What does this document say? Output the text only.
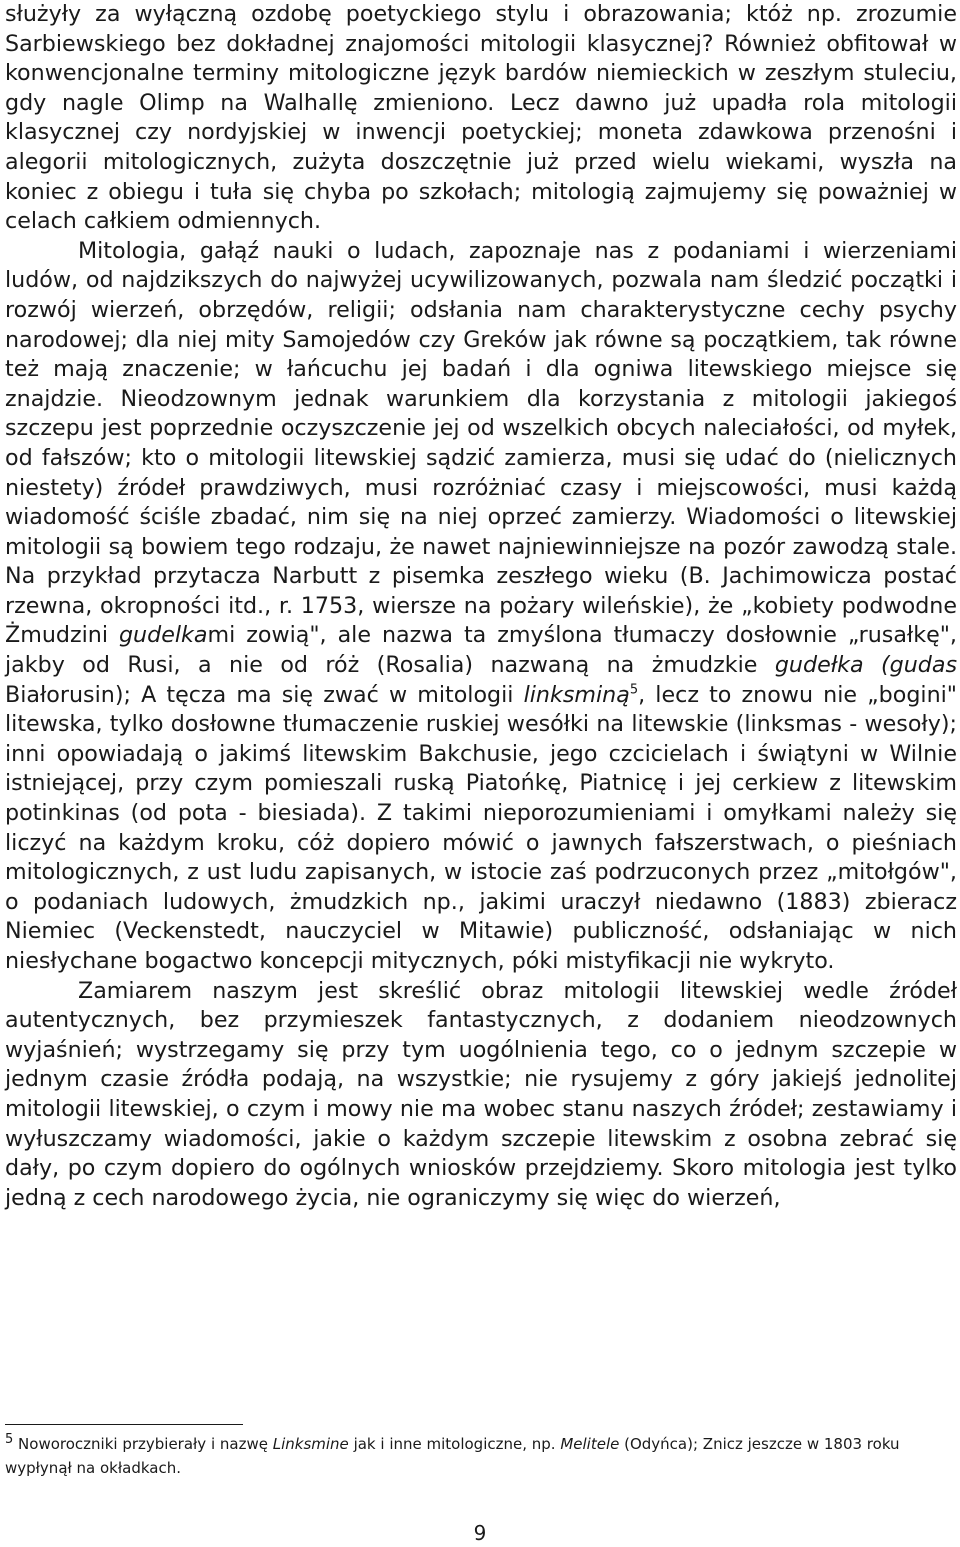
służyły za wyłączną ozdobę poetyckiego stylu i obrazowania; któż np. zrozumie Sarbiewskiego bez dokładnej znajomości mitologii klasycznej? Również obfitował w konwencjonalne terminy mitologiczne język bardów niemieckich w zeszłym stuleciu, gdy nagle Olimp na Walhallę zmieniono. Lecz dawno już upadła rola mitologii klasycznej czy nordyjskiej w inwencji poetyckiej; moneta zdawkowa przenośni i alegorii mitologicznych, zużyta doszczętnie już przed wielu wiekami, wyszła na koniec z obiegu i tuła się chyba po szkołach; mitologią zajmujemy się poważniej w celach całkiem odmiennych.

Mitologia, gałąź nauki o ludach, zapoznaje nas z podaniami i wierzeniami ludów, od najdzikszych do najwyżej ucywilizowanych, pozwala nam śledzić początki i rozwój wierzeń, obrzędów, religii; odsłania nam charakterystyczne cechy psychy narodowej; dla niej mity Samojedów czy Greków jak równe są początkiem, tak równe też mają znaczenie; w łańcuchu jej badań i dla ogniwa litewskiego miejsce się znajdzie. Nieodzownym jednak warunkiem dla korzystania z mitologii jakiegoś szczepu jest poprzednie oczyszczenie jej od wszelkich obcych naleciałości, od myłek, od fałszów; kto o mitologii litewskiej sądzić zamierza, musi się udać do (nielicznych niestety) źródeł prawdziwych, musi rozróżniać czasy i miejscowości, musi każdą wiadomość ściśle zbadać, nim się na niej oprzeć zamierzy. Wiadomości o litewskiej mitologii są bowiem tego rodzaju, że nawet najniewinniejsze na pozór zawodzą stale. Na przykład przytacza Narbutt z pisemka zeszłego wieku (B. Jachimowicza postać rzewna, okropności itd., r. 1753, wiersze na pożary wileńskie), że „kobiety podwodne Żmudzini gudelkami zowią", ale nazwa ta zmyślona tłumaczy dosłownie „rusałkę", jakby od Rusi, a nie od róż (Rosalia) nazwaną na żmudzkie gudełka (gudas Białorusin); A tęcza ma się zwać w mitologii linksminą$^5$, lecz to znowu nie „bogini" litewska, tylko dosłowne tłumaczenie ruskiej wesółki na litewskie (linksmas - wesoły); inni opowiadają o jakimś litewskim Bakchusie, jego czcicielach i świątyni w Wilnie istniejącej, przy czym pomieszali ruską Piatońkę, Piatnicę i jej cerkiew z litewskim potinkinas (od pota - biesiada). Z takimi nieporozumieniami i omyłkami należy się liczyć na każdym kroku, cóż dopiero mówić o jawnych fałszerstwach, o pieśniach mitologicznych, z ust ludu zapisanych, w istocie zaś podrzuconych przez „mitołgów", o podaniach ludowych, żmudzkich np., jakimi uraczył niedawno (1883) zbieracz Niemiec (Veckenstedt, nauczyciel w Mitawie) publiczność, odsłaniając w nich niesłychane bogactwo koncepcji mitycznych, póki mistyfikacji nie wykryto.

Zamiarem naszym jest skreślić obraz mitologii litewskiej wedle źródeł autentycznych, bez przymieszek fantastycznych, z dodaniem nieodzownych wyjaśnień; wystrzegamy się przy tym uogólnienia tego, co o jednym szczepie w jednym czasie źródła podają, na wszystkie; nie rysujemy z góry jakiejś jednolitej mitologii litewskiej, o czym i mowy nie ma wobec stanu naszych źródeł; zestawiamy i wyłuszczamy wiadomości, jakie o każdym szczepie litewskim z osobna zebrać się dały, po czym dopiero do ogólnych wniosków przejdziemy. Skoro mitologia jest tylko jedną z cech narodowego życia, nie ograniczymy się więc do wierzeń,

$^5$ Noworoczniki przybierały i nazwę Linksmine jak i inne mitologiczne, np. Melitele (Odyńca); Znicz jeszcze w 1803 roku wypłynął na okładkach.

9
